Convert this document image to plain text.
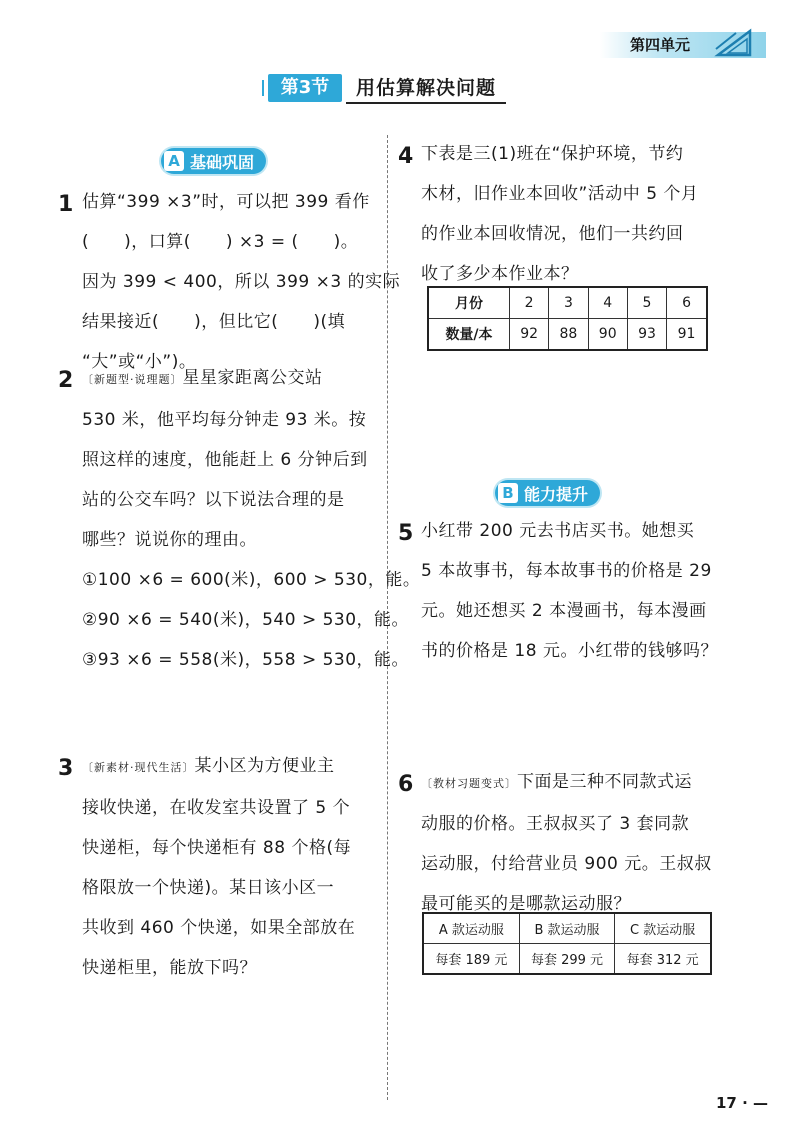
第四单元
第3节	用估算解决问题
A 基础巩固
1 估算“399 ×3”时，可以把 399 看作
(　　)，口算(　　) ×3 = (　　)。
因为 399 < 400，所以 399 ×3 的实际
结果接近(　　)，但比它(　　)(填
“大”或“小”)。
2 〔新题型·说理题〕星星家距离公交站
530 米，他平均每分钟走 93 米。按
照这样的速度，他能赶上 6 分钟后到
站的公交车吗？以下说法合理的是
哪些？说说你的理由。
①100 ×6 = 600(米)，600 > 530，能。
②90 ×6 = 540(米)，540 > 530，能。
③93 ×6 = 558(米)，558 > 530，能。
3 〔新素材·现代生活〕某小区为方便业主
接收快递，在收发室共设置了 5 个
快递柜，每个快递柜有 88 个格(每
格限放一个快递)。某日该小区一
共收到 460 个快递，如果全部放在
快递柜里，能放下吗？
4 下表是三(1)班在“保护环境，节约
木材，旧作业本回收”活动中 5 个月
的作业本回收情况，他们一共约回
收了多少本作业本？
月份	2	3	4	5	6
数量/本	92	88	90	93	91
B 能力提升
5 小红带 200 元去书店买书。她想买
5 本故事书，每本故事书的价格是 29
元。她还想买 2 本漫画书，每本漫画
书的价格是 18 元。小红带的钱够吗？
6 〔教材习题变式〕下面是三种不同款式运
动服的价格。王叔叔买了 3 套同款
运动服，付给营业员 900 元。王叔叔
最可能买的是哪款运动服？
A 款运动服	B 款运动服	C 款运动服
每套 189 元	每套 299 元	每套 312 元
17 · —
